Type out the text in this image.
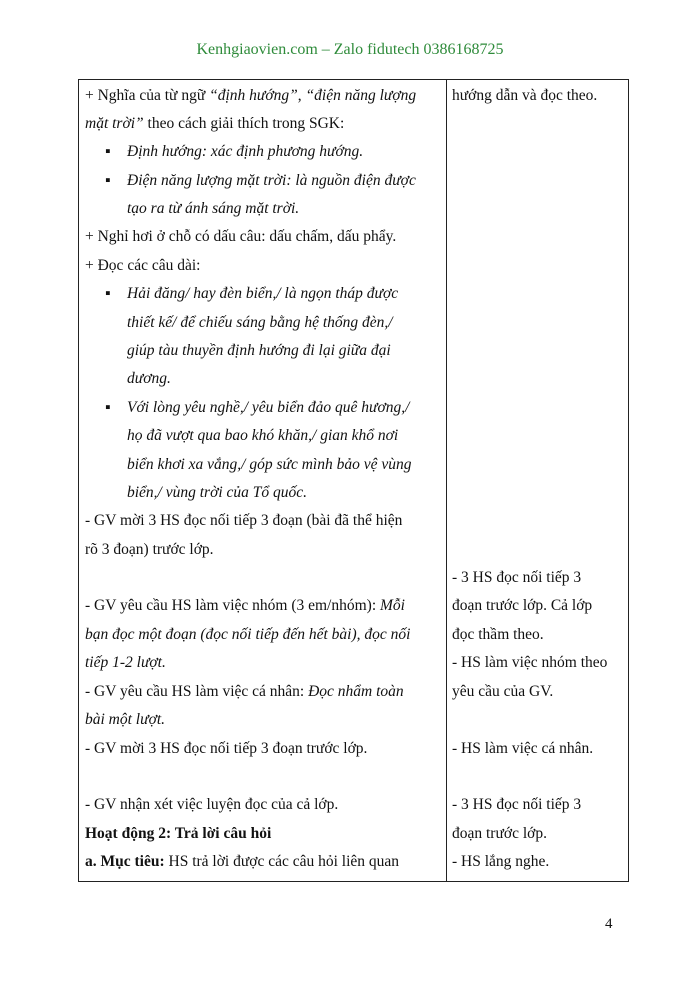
Kenhgiaovien.com – Zalo fidutech 0386168725
+ Nghĩa của từ ngữ “định hướng”, “điện năng lượng
mặt trời” theo cách giải thích trong SGK:
▪ Định hướng: xác định phương hướng.
▪ Điện năng lượng mặt trời: là nguồn điện được
tạo ra từ ánh sáng mặt trời.
+ Nghỉ hơi ở chỗ có dấu câu: dấu chấm, dấu phẩy.
+ Đọc các câu dài:
▪ Hải đăng/ hay đèn biển,/ là ngọn tháp được
thiết kế/ để chiếu sáng bằng hệ thống đèn,/
giúp tàu thuyền định hướng đi lại giữa đại
dương.
▪ Với lòng yêu nghề,/ yêu biển đảo quê hương,/
họ đã vượt qua bao khó khăn,/ gian khổ nơi
biển khơi xa vắng,/ góp sức mình bảo vệ vùng
biển,/ vùng trời của Tổ quốc.
- GV mời 3 HS đọc nối tiếp 3 đoạn (bài đã thể hiện
rõ 3 đoạn) trước lớp.
- GV yêu cầu HS làm việc nhóm (3 em/nhóm): Mỗi
bạn đọc một đoạn (đọc nối tiếp đến hết bài), đọc nối
tiếp 1-2 lượt.
- GV yêu cầu HS làm việc cá nhân: Đọc nhẩm toàn
bài một lượt.
- GV mời 3 HS đọc nối tiếp 3 đoạn trước lớp.
- GV nhận xét việc luyện đọc của cả lớp.
Hoạt động 2: Trả lời câu hỏi
a. Mục tiêu: HS trả lời được các câu hỏi liên quan
hướng dẫn và đọc theo.
- 3 HS đọc nối tiếp 3
đoạn trước lớp. Cả lớp
đọc thầm theo.
- HS làm việc nhóm theo
yêu cầu của GV.
- HS làm việc cá nhân.
- 3 HS đọc nối tiếp 3
đoạn trước lớp.
- HS lắng nghe.
4
